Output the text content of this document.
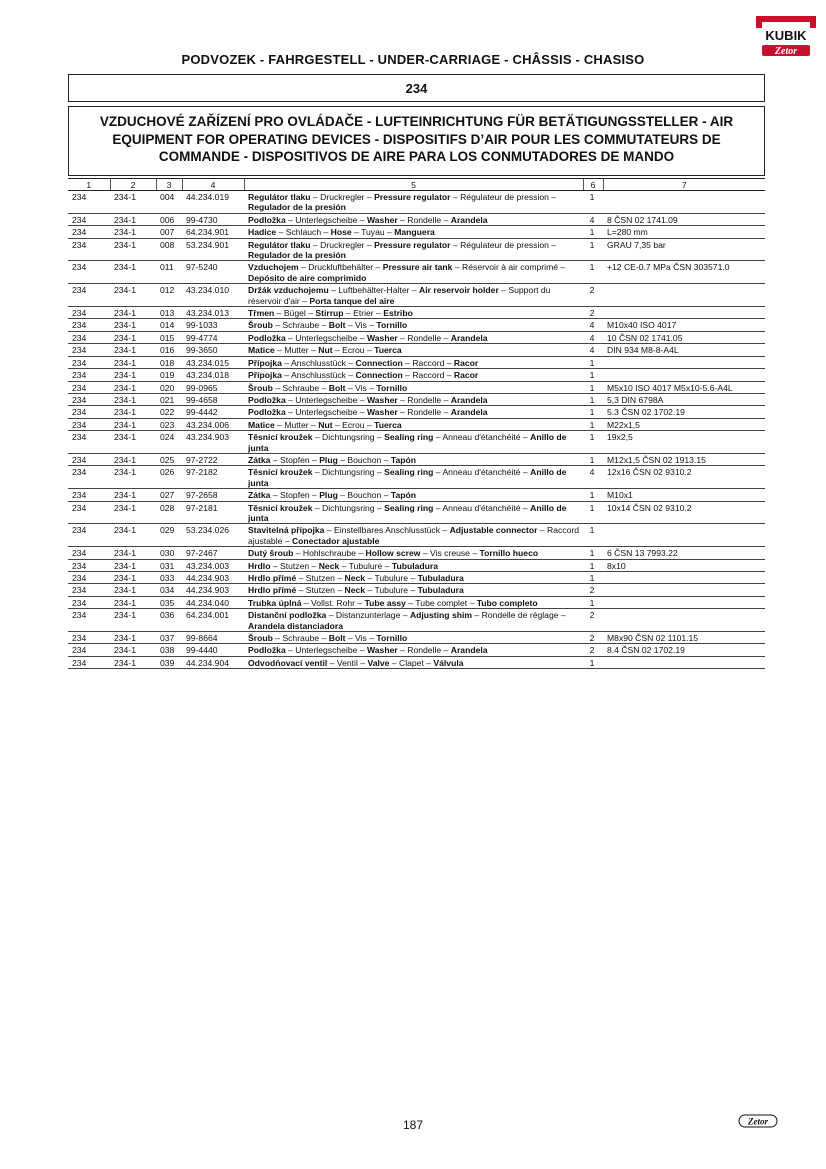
KUBIK
Zetor
PODVOZEK - FAHRGESTELL - UNDER-CARRIAGE - CHÂSSIS - CHASISO
234
VZDUCHOVÉ ZAŘÍZENÍ PRO OVLÁDAČE - LUFTEINRICHTUNG FÜR BETÄTIGUNGSSTELLER - AIR
EQUIPMENT FOR OPERATING DEVICES - DISPOSITIFS D’AIR POUR LES COMMUTATEURS DE
COMMANDE - DISPOSITIVOS DE AIRE PARA LOS CONMUTADORES DE MANDO
1	2	3	4	5	6	7
234	234-1	004	44.234.019	Regulátor tlaku – Druckregler – Pressure regulator – Régulateur de pression – Regulador de la presión	1	
234	234-1	006	99-4730	Podložka – Unterlegscheibe – Washer – Rondelle – Arandela	4	8 ČSN 02 1741.09
234	234-1	007	64.234.901	Hadice – Schlauch – Hose – Tuyau – Manguera	1	L=280 mm
234	234-1	008	53.234.901	Regulátor tlaku – Druckregler – Pressure regulator – Régulateur de pression – Regulador de la presión	1	GRAU 7,35 bar
234	234-1	011	97-5240	Vzduchojem – Druckluftbehälter – Pressure air tank – Réservoir à air comprimé – Depósito de aire comprimido	1	+12 CE-0.7 MPa ČSN 303571.0
234	234-1	012	43.234.010	Držák vzduchojemu – Luftbehälter-Halter – Air reservoir holder – Support du réservoir d'air – Porta tanque del aire	2	
234	234-1	013	43.234.013	Třmen – Bügel – Stirrup – Etrier – Estribo	2	
234	234-1	014	99-1033	Šroub – Schraube – Bolt – Vis – Tornillo	4	M10x40 ISO 4017
234	234-1	015	99-4774	Podložka – Unterlegscheibe – Washer – Rondelle – Arandela	4	10 ČSN 02 1741.05
234	234-1	016	99-3650	Matice – Mutter – Nut – Ecrou – Tuerca	4	DIN 934 M8-8-A4L
234	234-1	018	43.234.015	Přípojka – Anschlusstück – Connection – Raccord – Racor	1	
234	234-1	019	43.234.018	Přípojka – Anschlusstück – Connection – Raccord – Racor	1	
234	234-1	020	99-0965	Šroub – Schraube – Bolt – Vis – Tornillo	1	M5x10 ISO 4017 M5x10-5.6-A4L
234	234-1	021	99-4658	Podložka – Unterlegscheibe – Washer – Rondelle – Arandela	1	5,3 DIN 6798A
234	234-1	022	99-4442	Podložka – Unterlegscheibe – Washer – Rondelle – Arandela	1	5.3 ČSN 02 1702.19
234	234-1	023	43.234.006	Matice – Mutter – Nut – Ecrou – Tuerca	1	M22x1,5
234	234-1	024	43.234.903	Těsnicí kroužek – Dichtungsring – Sealing ring – Anneau d'étanchéité – Anillo de junta	1	19x2,5
234	234-1	025	97-2722	Zátka – Stopfen – Plug – Bouchon – Tapón	1	M12x1,5 ČSN 02 1913.15
234	234-1	026	97-2182	Těsnicí kroužek – Dichtungsring – Sealing ring – Anneau d'étanchéité – Anillo de junta	4	12x16 ČSN 02 9310.2
234	234-1	027	97-2658	Zátka – Stopfen – Plug – Bouchon – Tapón	1	M10x1
234	234-1	028	97-2181	Těsnicí kroužek – Dichtungsring – Sealing ring – Anneau d'étanchéité – Anillo de junta	1	10x14 ČSN 02 9310.2
234	234-1	029	53.234.026	Stavitelná přípojka – Einstellbares Anschlusstück – Adjustable connector – Raccord ajustable – Conectador ajustable	1	
234	234-1	030	97-2467	Dutý šroub – Hohlschraube – Hollow screw – Vis creuse – Tornillo hueco	1	6 ČSN 13 7993.22
234	234-1	031	43.234.003	Hrdlo – Stutzen – Neck – Tubulure – Tubuladura	1	8x10
234	234-1	033	44.234.903	Hrdlo přímé – Stutzen – Neck – Tubulure – Tubuladura	1	
234	234-1	034	44.234.903	Hrdlo přímé – Stutzen – Neck – Tubulure – Tubuladura	2	
234	234-1	035	44.234.040	Trubka úplná – Vollst. Rohr – Tube assy – Tube complet – Tubo completo	1	
234	234-1	036	64.234.001	Distanční podložka – Distanzunterlage – Adjusting shim – Rondelle de réglage – Arandela distanciadora	2	
234	234-1	037	99-8664	Šroub – Schraube – Bolt – Vis – Tornillo	2	M8x90 ČSN 02 1101.15
234	234-1	038	99-4440	Podložka – Unterlegscheibe – Washer – Rondelle – Arandela	2	8.4 ČSN 02 1702.19
234	234-1	039	44.234.904	Odvodňovací ventil – Ventil – Valve – Clapet – Válvula	1	
187	Zetor
